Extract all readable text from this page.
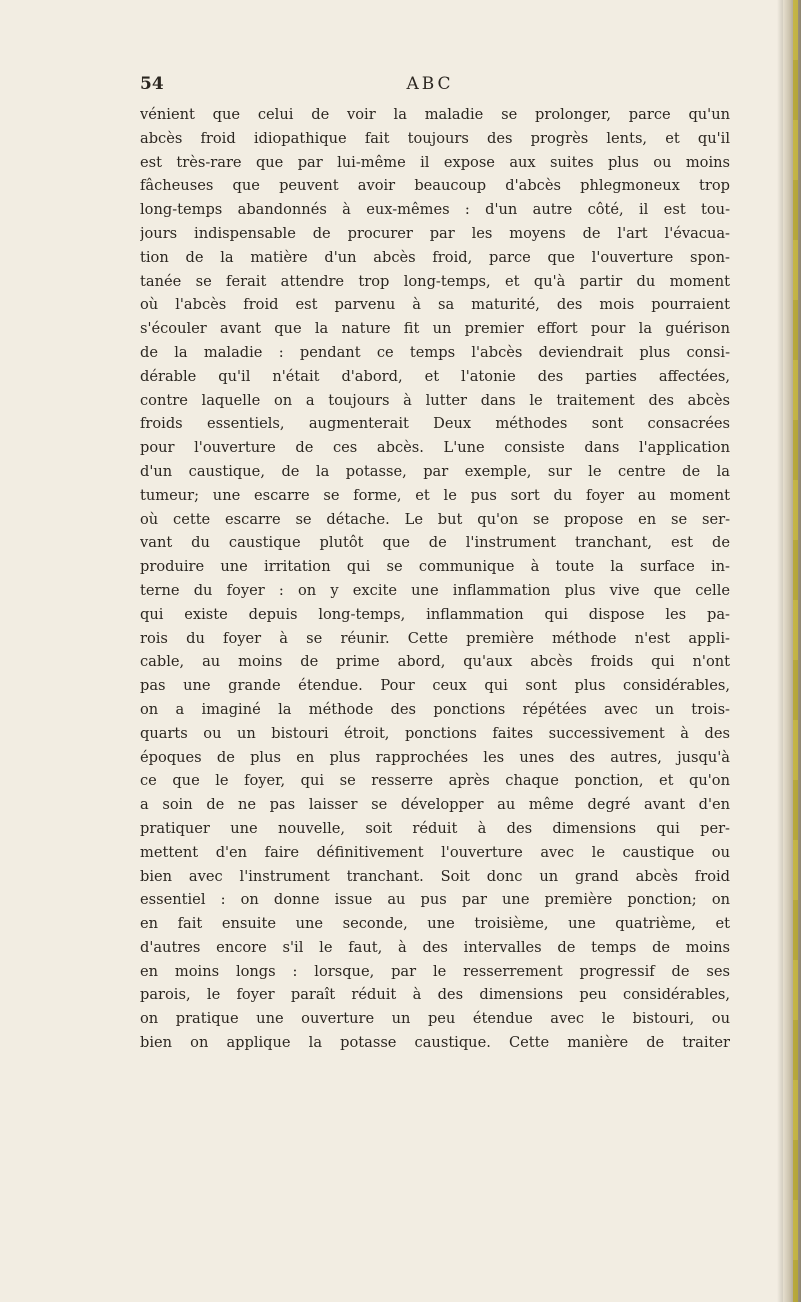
54	ABC
vénient que celui de voir la maladie se prolonger, parce qu'un
abcès froid idiopathique fait toujours des progrès lents, et qu'il
est très-rare que par lui-même il expose aux suites plus ou moins
fâcheuses que peuvent avoir beaucoup d'abcès phlegmoneux trop
long-temps abandonnés à eux-mêmes : d'un autre côté, il est tou-
jours indispensable de procurer par les moyens de l'art l'évacua-
tion de la matière d'un abcès froid, parce que l'ouverture spon-
tanée se ferait attendre trop long-temps, et qu'à partir du moment
où l'abcès froid est parvenu à sa maturité, des mois pourraient
s'écouler avant que la nature fit un premier effort pour la guérison
de la maladie : pendant ce temps l'abcès deviendrait plus consi-
dérable qu'il n'était d'abord, et l'atonie des parties affectées,
contre laquelle on a toujours à lutter dans le traitement des abcès
froids essentiels, augmenterait Deux méthodes sont consacrées
pour l'ouverture de ces abcès. L'une consiste dans l'application
d'un caustique, de la potasse, par exemple, sur le centre de la
tumeur; une escarre se forme, et le pus sort du foyer au moment
où cette escarre se détache. Le but qu'on se propose en se ser-
vant du caustique plutôt que de l'instrument tranchant, est de
produire une irritation qui se communique à toute la surface in-
terne du foyer : on y excite une inflammation plus vive que celle
qui existe depuis long-temps, inflammation qui dispose les pa-
rois du foyer à se réunir. Cette première méthode n'est appli-
cable, au moins de prime abord, qu'aux abcès froids qui n'ont
pas une grande étendue. Pour ceux qui sont plus considérables,
on a imaginé la méthode des ponctions répétées avec un trois-
quarts ou un bistouri étroit, ponctions faites successivement à des
époques de plus en plus rapprochées les unes des autres, jusqu'à
ce que le foyer, qui se resserre après chaque ponction, et qu'on
a soin de ne pas laisser se développer au même degré avant d'en
pratiquer une nouvelle, soit réduit à des dimensions qui per-
mettent d'en faire définitivement l'ouverture avec le caustique ou
bien avec l'instrument tranchant. Soit donc un grand abcès froid
essentiel : on donne issue au pus par une première ponction; on
en fait ensuite une seconde, une troisième, une quatrième, et
d'autres encore s'il le faut, à des intervalles de temps de moins
en moins longs : lorsque, par le resserrement progressif de ses
parois, le foyer paraît réduit à des dimensions peu considérables,
on pratique une ouverture un peu étendue avec le bistouri, ou
bien on applique la potasse caustique. Cette manière de traiter
